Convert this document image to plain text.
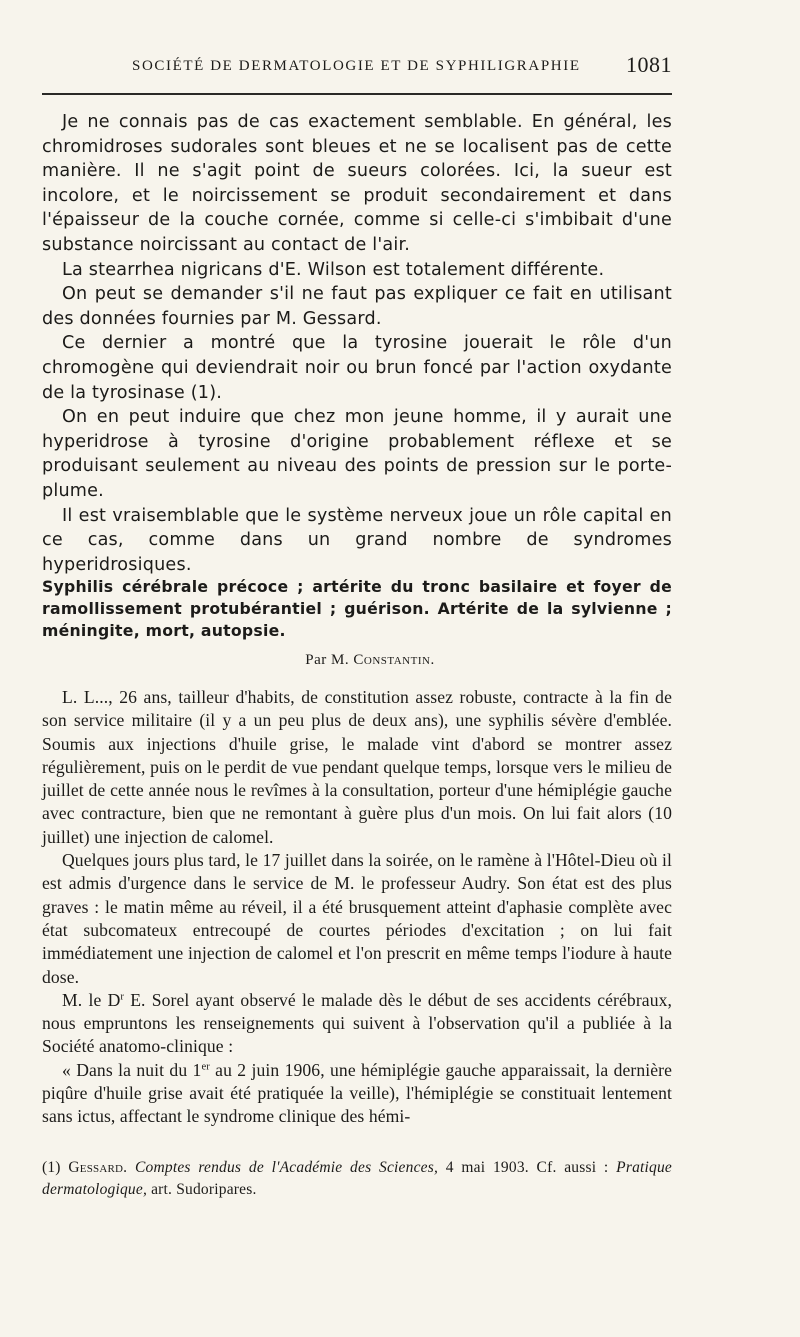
SOCIÉTÉ DE DERMATOLOGIE ET DE SYPHILIGRAPHIE 1081

Je ne connais pas de cas exactement semblable. En général, les chromidroses sudorales sont bleues et ne se localisent pas de cette manière. Il ne s'agit point de sueurs colorées. Ici, la sueur est incolore, et le noircissement se produit secondairement et dans l'épaisseur de la couche cornée, comme si celle-ci s'imbibait d'une substance noircissant au contact de l'air.

La stearrhea nigricans d'E. Wilson est totalement différente.

On peut se demander s'il ne faut pas expliquer ce fait en utilisant des données fournies par M. Gessard.

Ce dernier a montré que la tyrosine jouerait le rôle d'un chromogène qui deviendrait noir ou brun foncé par l'action oxydante de la tyrosinase (1).

On en peut induire que chez mon jeune homme, il y aurait une hyperidrose à tyrosine d'origine probablement réflexe et se produisant seulement au niveau des points de pression sur le porte-plume.

Il est vraisemblable que le système nerveux joue un rôle capital en ce cas, comme dans un grand nombre de syndromes hyperidrosiques.

Syphilis cérébrale précoce ; artérite du tronc basilaire et foyer de ramollissement protubérantiel ; guérison. Artérite de la sylvienne ; méningite, mort, autopsie.

Par M. Constantin.

L. L..., 26 ans, tailleur d'habits, de constitution assez robuste, contracte à la fin de son service militaire (il y a un peu plus de deux ans), une syphilis sévère d'emblée. Soumis aux injections d'huile grise, le malade vint d'abord se montrer assez régulièrement, puis on le perdit de vue pendant quelque temps, lorsque vers le milieu de juillet de cette année nous le revîmes à la consultation, porteur d'une hémiplégie gauche avec contracture, bien que ne remontant à guère plus d'un mois. On lui fait alors (10 juillet) une injection de calomel.

Quelques jours plus tard, le 17 juillet dans la soirée, on le ramène à l'Hôtel-Dieu où il est admis d'urgence dans le service de M. le professeur Audry. Son état est des plus graves : le matin même au réveil, il a été brusquement atteint d'aphasie complète avec état subcomateux entrecoupé de courtes périodes d'excitation ; on lui fait immédiatement une injection de calomel et l'on prescrit en même temps l'iodure à haute dose.

M. le $D^r$ E. Sorel ayant observé le malade dès le début de ses accidents cérébraux, nous empruntons les renseignements qui suivent à l'observation qu'il a publiée à la Société anatomo-clinique :

« Dans la nuit du 1er au 2 juin 1906, une hémiplégie gauche apparaissait, la dernière piqûre d'huile grise avait été pratiquée la veille), l'hémiplégie se constituait lentement sans ictus, affectant le syndrome clinique des hémi-

(1) Gessard. Comptes rendus de l'Académie des Sciences, 4 mai 1903. Cf. aussi : Pratique dermatologique, art. Sudoripares.
